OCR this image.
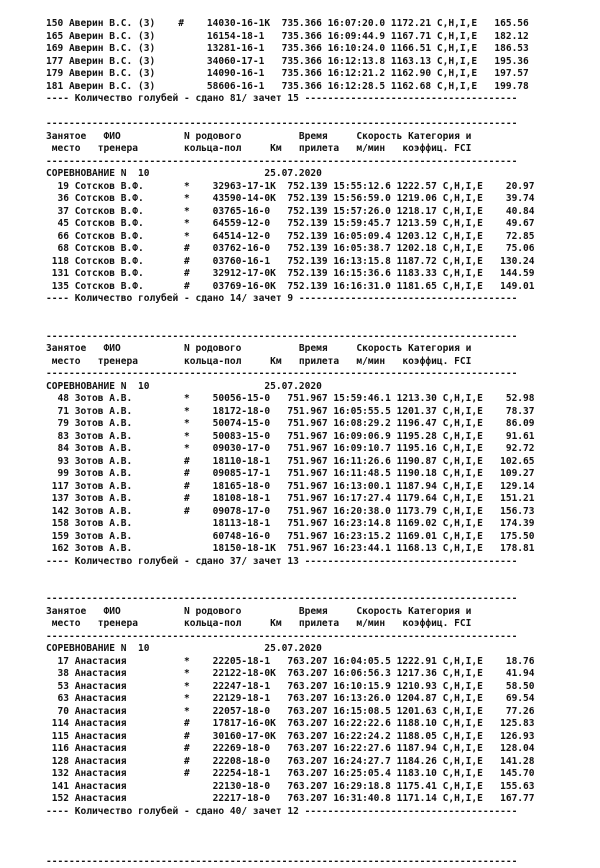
150 Аверин В.С. (3)    #    14030-16-1К  735.366 16:07:20.0 1172.21 C,H,I,E   165.56
165 Аверин В.С. (3)         16154-18-1   735.366 16:09:44.9 1167.71 C,H,I,E   182.12
169 Аверин В.С. (3)         13281-16-1   735.366 16:10:24.0 1166.51 C,H,I,E   186.53
177 Аверин В.С. (3)         34060-17-1   735.366 16:12:13.8 1163.13 C,H,I,E   195.36
179 Аверин В.С. (3)         14090-16-1   735.366 16:12:21.2 1162.90 C,H,I,E   197.57
181 Аверин В.С. (3)         58606-16-1   735.366 16:12:28.5 1162.68 C,H,I,E   199.78
---- Количество голубей - сдано 81/ зачет 15 -------------------------------------
----------------------------------------------------------------------------------
Занятое   ФИО           N родового          Время     Скорость Категория и
место   тренера        кольца-пол     Км   прилета   м/мин   коэффиц. FCI
----------------------------------------------------------------------------------
СОРЕВНОВАНИЕ N  10                    25.07.2020
19 Сотсков В.Ф.       *    32963-17-1К  752.139 15:55:12.6 1222.57 C,H,I,E    20.97
36 Сотсков В.Ф.       *    43590-14-0К  752.139 15:56:59.0 1219.06 C,H,I,E    39.74
37 Сотсков В.Ф.       *    03765-16-0   752.139 15:57:26.0 1218.17 C,H,I,E    40.84
45 Сотсков В.Ф.       *    64559-12-0   752.139 15:59:45.7 1213.59 C,H,I,E    49.67
66 Сотсков В.Ф.       *    64514-12-0   752.139 16:05:09.4 1203.12 C,H,I,E    72.85
68 Сотсков В.Ф.       #    03762-16-0   752.139 16:05:38.7 1202.18 C,H,I,E    75.06
118 Сотсков В.Ф.       #    03760-16-1   752.139 16:13:15.8 1187.72 C,H,I,E   130.24
131 Сотсков В.Ф.       #    32912-17-0К  752.139 16:15:36.6 1183.33 C,H,I,E   144.59
135 Сотсков В.Ф.       #    03769-16-0К  752.139 16:16:31.0 1181.65 C,H,I,E   149.01
---- Количество голубей - сдано 14/ зачет 9 --------------------------------------
----------------------------------------------------------------------------------
Занятое   ФИО           N родового          Время     Скорость Категория и
место   тренера        кольца-пол     Км   прилета   м/мин   коэффиц. FCI
----------------------------------------------------------------------------------
СОРЕВНОВАНИЕ N  10                    25.07.2020
48 Зотов А.В.         *    50056-15-0   751.967 15:59:46.1 1213.30 C,H,I,E    52.98
71 Зотов А.В.         *    18172-18-0   751.967 16:05:55.5 1201.37 C,H,I,E    78.37
79 Зотов А.В.         *    50074-15-0   751.967 16:08:29.2 1196.47 C,H,I,E    86.09
83 Зотов А.В.         *    50083-15-0   751.967 16:09:06.9 1195.28 C,H,I,E    91.61
84 Зотов А.В.         *    09030-17-0   751.967 16:09:10.7 1195.16 C,H,I,E    92.72
93 Зотов А.В.         #    18110-18-1   751.967 16:11:26.6 1190.87 C,H,I,E   102.65
99 Зотов А.В.         #    09085-17-1   751.967 16:11:48.5 1190.18 C,H,I,E   109.27
117 Зотов А.В.         #    18165-18-0   751.967 16:13:00.1 1187.94 C,H,I,E   129.14
137 Зотов А.В.         #    18108-18-1   751.967 16:17:27.4 1179.64 C,H,I,E   151.21
142 Зотов А.В.         #    09078-17-0   751.967 16:20:38.0 1173.79 C,H,I,E   156.73
158 Зотов А.В.              18113-18-1   751.967 16:23:14.8 1169.02 C,H,I,E   174.39
159 Зотов А.В.              60748-16-0   751.967 16:23:15.2 1169.01 C,H,I,E   175.50
162 Зотов А.В.              18150-18-1К  751.967 16:23:44.1 1168.13 C,H,I,E   178.81
---- Количество голубей - сдано 37/ зачет 13 -------------------------------------
----------------------------------------------------------------------------------
Занятое   ФИО           N родового          Время     Скорость Категория и
место   тренера        кольца-пол     Км   прилета   м/мин   коэффиц. FCI
----------------------------------------------------------------------------------
СОРЕВНОВАНИЕ N  10                    25.07.2020
17 Анастасия          *    22205-18-1   763.207 16:04:05.5 1222.91 C,H,I,E    18.76
38 Анастасия          *    22122-18-0К  763.207 16:06:56.3 1217.36 C,H,I,E    41.94
53 Анастасия          *    22247-18-1   763.207 16:10:15.9 1210.93 C,H,I,E    58.50
63 Анастасия          *    22129-18-1   763.207 16:13:26.0 1204.87 C,H,I,E    69.54
70 Анастасия          *    22057-18-0   763.207 16:15:08.5 1201.63 C,H,I,E    77.26
114 Анастасия          #    17817-16-0К  763.207 16:22:22.6 1188.10 C,H,I,E   125.83
115 Анастасия          #    30160-17-0К  763.207 16:22:24.2 1188.05 C,H,I,E   126.93
116 Анастасия          #    22269-18-0   763.207 16:22:27.6 1187.94 C,H,I,E   128.04
128 Анастасия          #    22208-18-0   763.207 16:24:27.7 1184.26 C,H,I,E   141.28
132 Анастасия          #    22254-18-1   763.207 16:25:05.4 1183.10 C,H,I,E   145.70
141 Анастасия               22130-18-0   763.207 16:29:18.8 1175.41 C,H,I,E   155.63
152 Анастасия               22217-18-0   763.207 16:31:40.8 1171.14 C,H,I,E   167.77
---- Количество голубей - сдано 40/ зачет 12 -------------------------------------
----------------------------------------------------------------------------------
